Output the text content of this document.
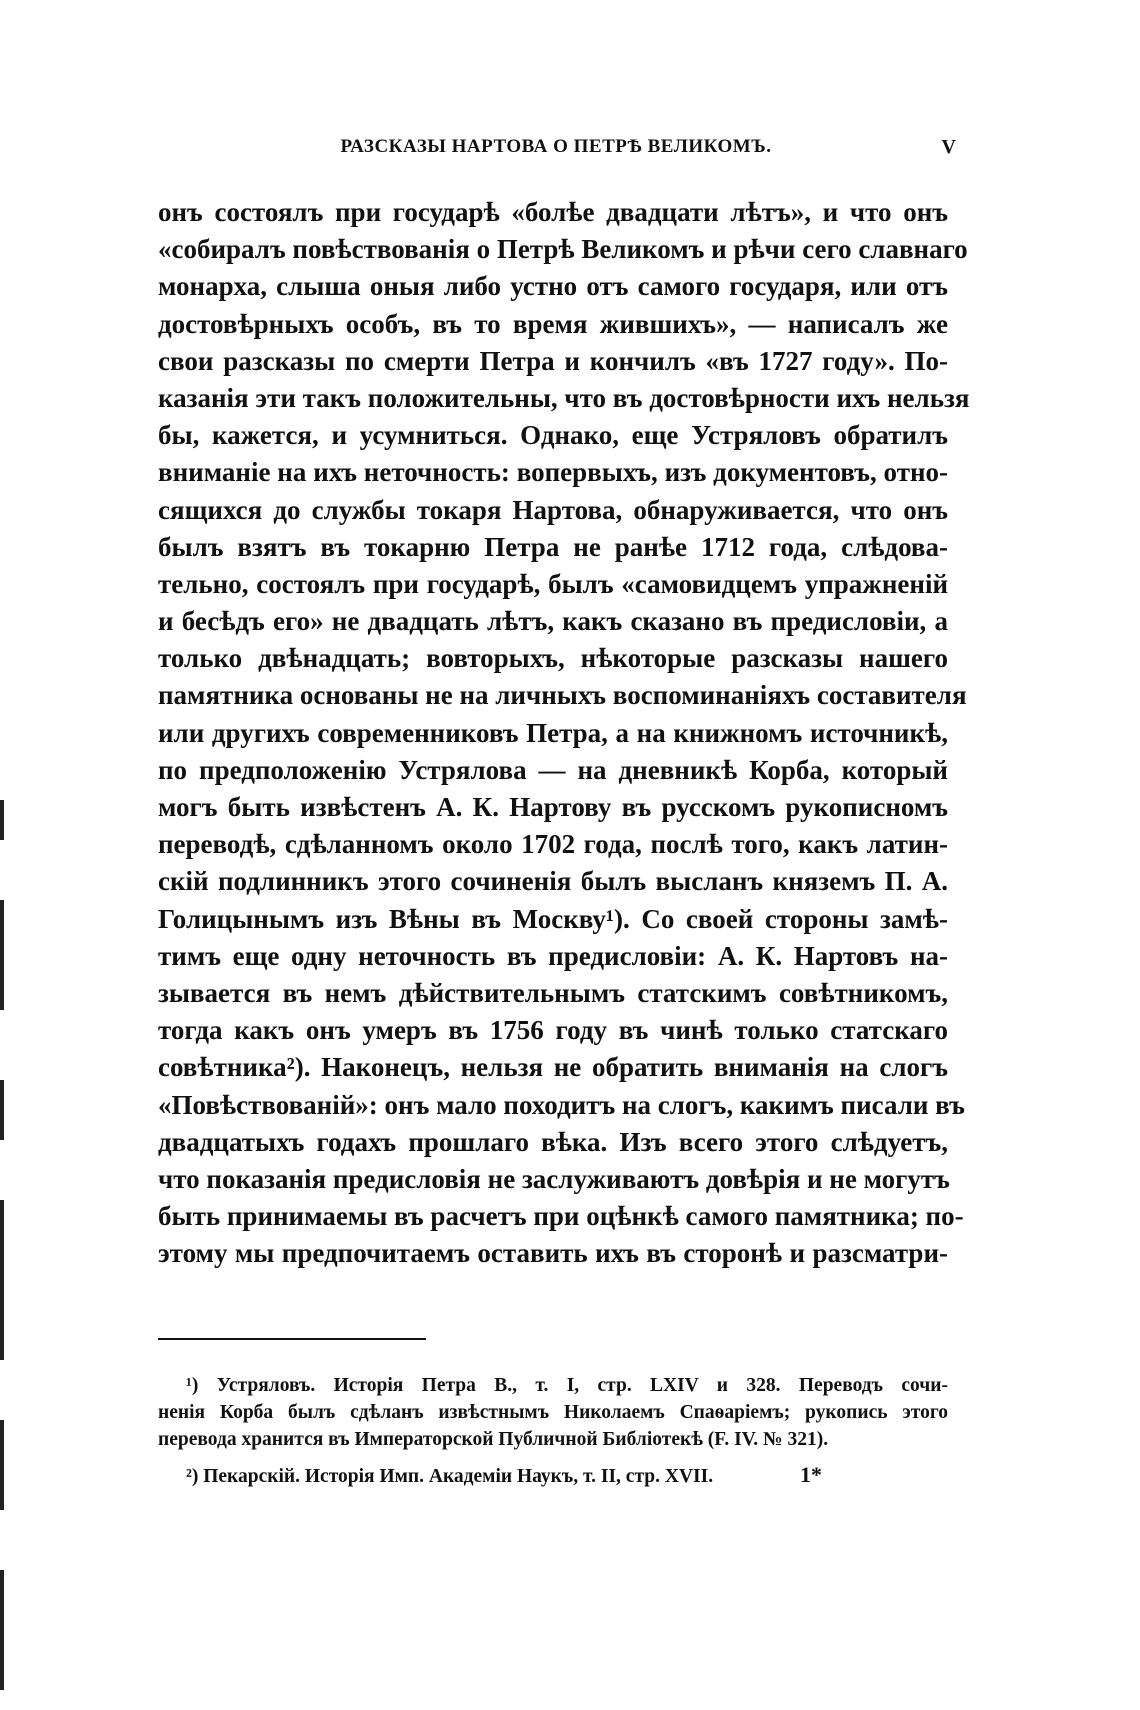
РАЗСКАЗЫ НАРТОВА О ПЕТРѢ ВЕЛИКОМЪ.	V
онъ состоялъ при государѣ «болѣе двадцати лѣтъ», и что онъ
«собиралъ повѣствованія о Петрѣ Великомъ и рѣчи сего славнаго
монарха, слыша оныя либо устно отъ самого государя, или отъ
достовѣрныхъ особъ, въ то время жившихъ», — написалъ же
свои разсказы по смерти Петра и кончилъ «въ 1727 году». По-
казанія эти такъ положительны, что въ достовѣрности ихъ нельзя
бы, кажется, и усумниться. Однако, еще Устряловъ обратилъ
вниманіе на ихъ неточность: вопервыхъ, изъ документовъ, отно-
сящихся до службы токаря Нартова, обнаруживается, что онъ
былъ взятъ въ токарню Петра не ранѣе 1712 года, слѣдова-
тельно, состоялъ при государѣ, былъ «самовидцемъ упражненій
и бесѣдъ его» не двадцать лѣтъ, какъ сказано въ предисловіи, а
только двѣнадцать; вовторыхъ, нѣкоторые разсказы нашего
памятника основаны не на личныхъ воспоминаніяхъ составителя
или другихъ современниковъ Петра, а на книжномъ источникѣ,
по предположенію Устрялова — на дневникѣ Корба, который
могъ быть извѣстенъ А. К. Нартову въ русскомъ рукописномъ
переводѣ, сдѣланномъ около 1702 года, послѣ того, какъ латин-
скій подлинникъ этого сочиненія былъ высланъ княземъ П. А.
Голицынымъ изъ Вѣны въ Москву¹). Со своей стороны замѣ-
тимъ еще одну неточность въ предисловіи: А. К. Нартовъ на-
зывается въ немъ дѣйствительнымъ статскимъ совѣтникомъ,
тогда какъ онъ умеръ въ 1756 году въ чинѣ только статскаго
совѣтника²). Наконецъ, нельзя не обратить вниманія на слогъ
«Повѣствованій»: онъ мало походитъ на слогъ, какимъ писали въ
двадцатыхъ годахъ прошлаго вѣка. Изъ всего этого слѣдуетъ,
что показанія предисловія не заслуживаютъ довѣрія и не могутъ
быть принимаемы въ расчетъ при оцѣнкѣ самого памятника; по-
этому мы предпочитаемъ оставить ихъ въ сторонѣ и разсматри-
¹) Устряловъ. Исторія Петра В., т. I, стр. LXIV и 328. Переводъ сочи-
ненія Корба былъ сдѣланъ извѣстнымъ Николаемъ Спаѳаріемъ; рукопись этого
перевода хранится въ Императорской Публичной Библіотекѣ (F. IV. № 321).
²) Пекарскій. Исторія Имп. Академіи Наукъ, т. II, стр. XVII.	1*
